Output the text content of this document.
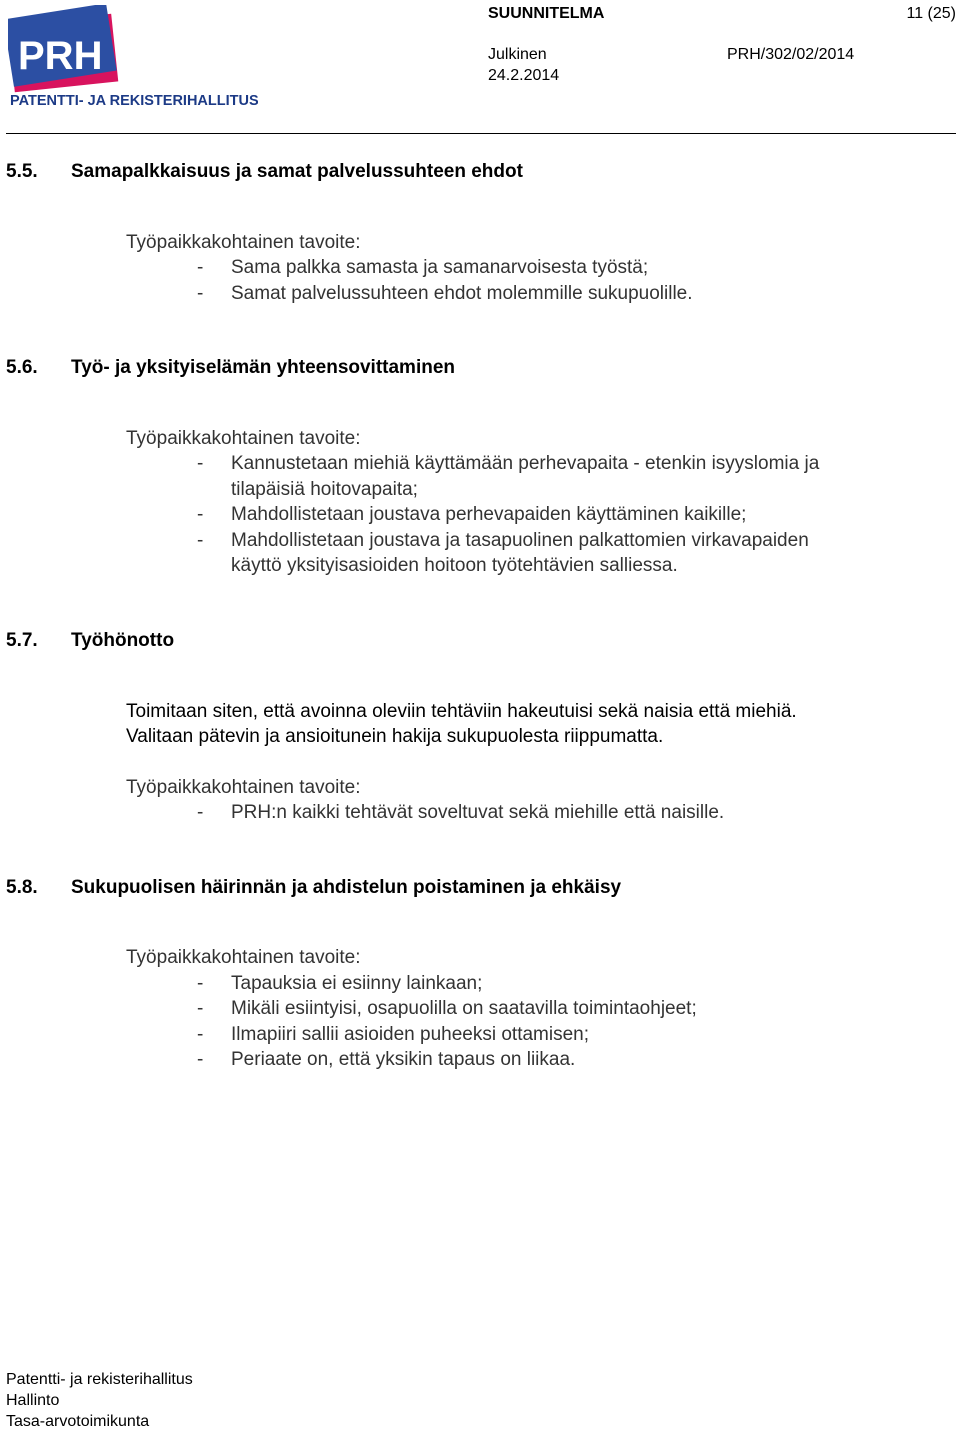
PRH
PATENTTI- JA REKISTERIHALLITUS
SUUNNITELMA	11 (25)
Julkinen	PRH/302/02/2014
24.2.2014
5.5. Samapalkkaisuus ja samat palvelussuhteen ehdot
Työpaikkakohtainen tavoite:
- Sama palkka samasta ja samanarvoisesta työstä;
- Samat palvelussuhteen ehdot molemmille sukupuolille.
5.6. Työ- ja yksityiselämän yhteensovittaminen
Työpaikkakohtainen tavoite:
- Kannustetaan miehiä käyttämään perhevapaita - etenkin isyyslomia ja
tilapäisiä hoitovapaita;
- Mahdollistetaan joustava perhevapaiden käyttäminen kaikille;
- Mahdollistetaan joustava ja tasapuolinen palkattomien virkavapaiden
käyttö yksityisasioiden hoitoon työtehtävien salliessa.
5.7. Työhönotto
Toimitaan siten, että avoinna oleviin tehtäviin hakeutuisi sekä naisia että miehiä.
Valitaan pätevin ja ansioitunein hakija sukupuolesta riippumatta.
Työpaikkakohtainen tavoite:
- PRH:n kaikki tehtävät soveltuvat sekä miehille että naisille.
5.8. Sukupuolisen häirinnän ja ahdistelun poistaminen ja ehkäisy
Työpaikkakohtainen tavoite:
- Tapauksia ei esiinny lainkaan;
- Mikäli esiintyisi, osapuolilla on saatavilla toimintaohjeet;
- Ilmapiiri sallii asioiden puheeksi ottamisen;
- Periaate on, että yksikin tapaus on liikaa.
Patentti- ja rekisterihallitus
Hallinto
Tasa-arvotoimikunta
